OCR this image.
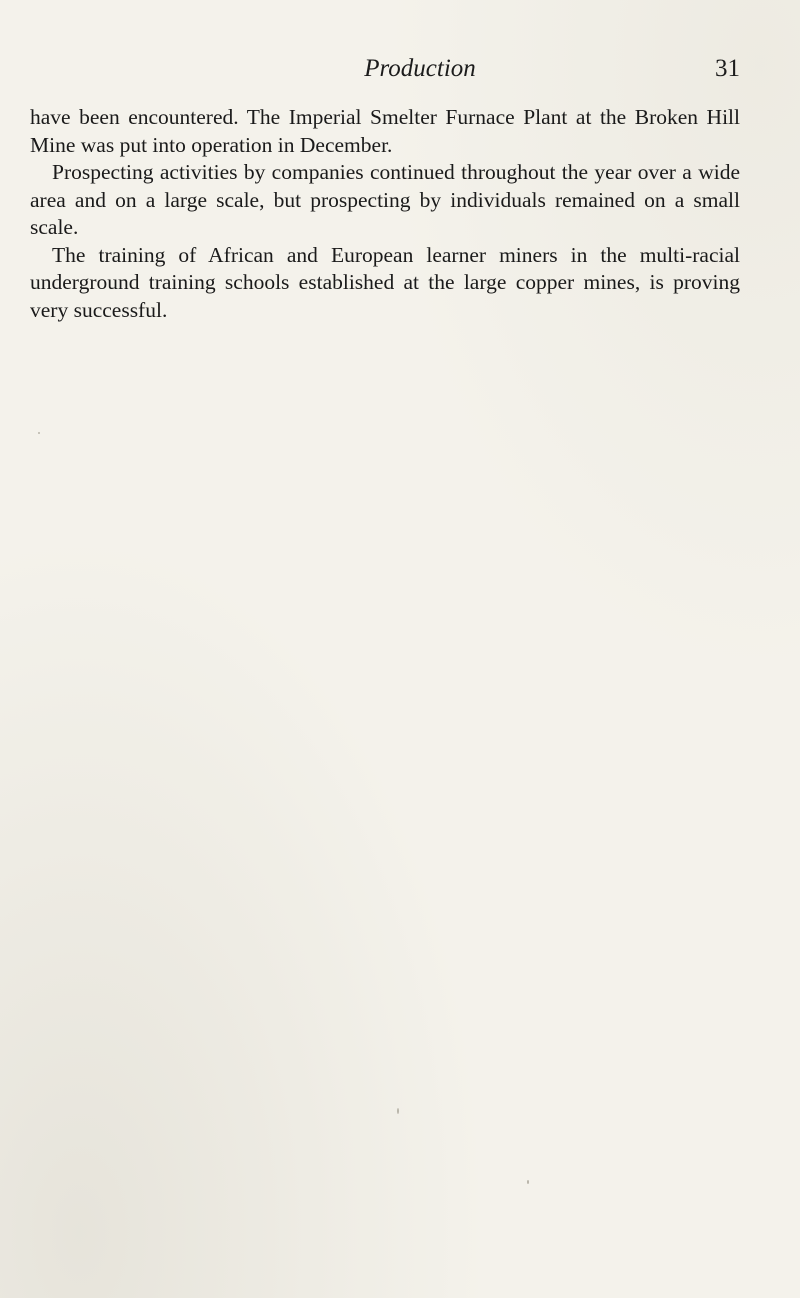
Production	31

have been encountered. The Imperial Smelter Furnace Plant at the Broken Hill Mine was put into operation in December.

Prospecting activities by companies continued throughout the year over a wide area and on a large scale, but prospecting by individuals remained on a small scale.

The training of African and European learner miners in the multi-racial underground training schools established at the large copper mines, is proving very successful.
